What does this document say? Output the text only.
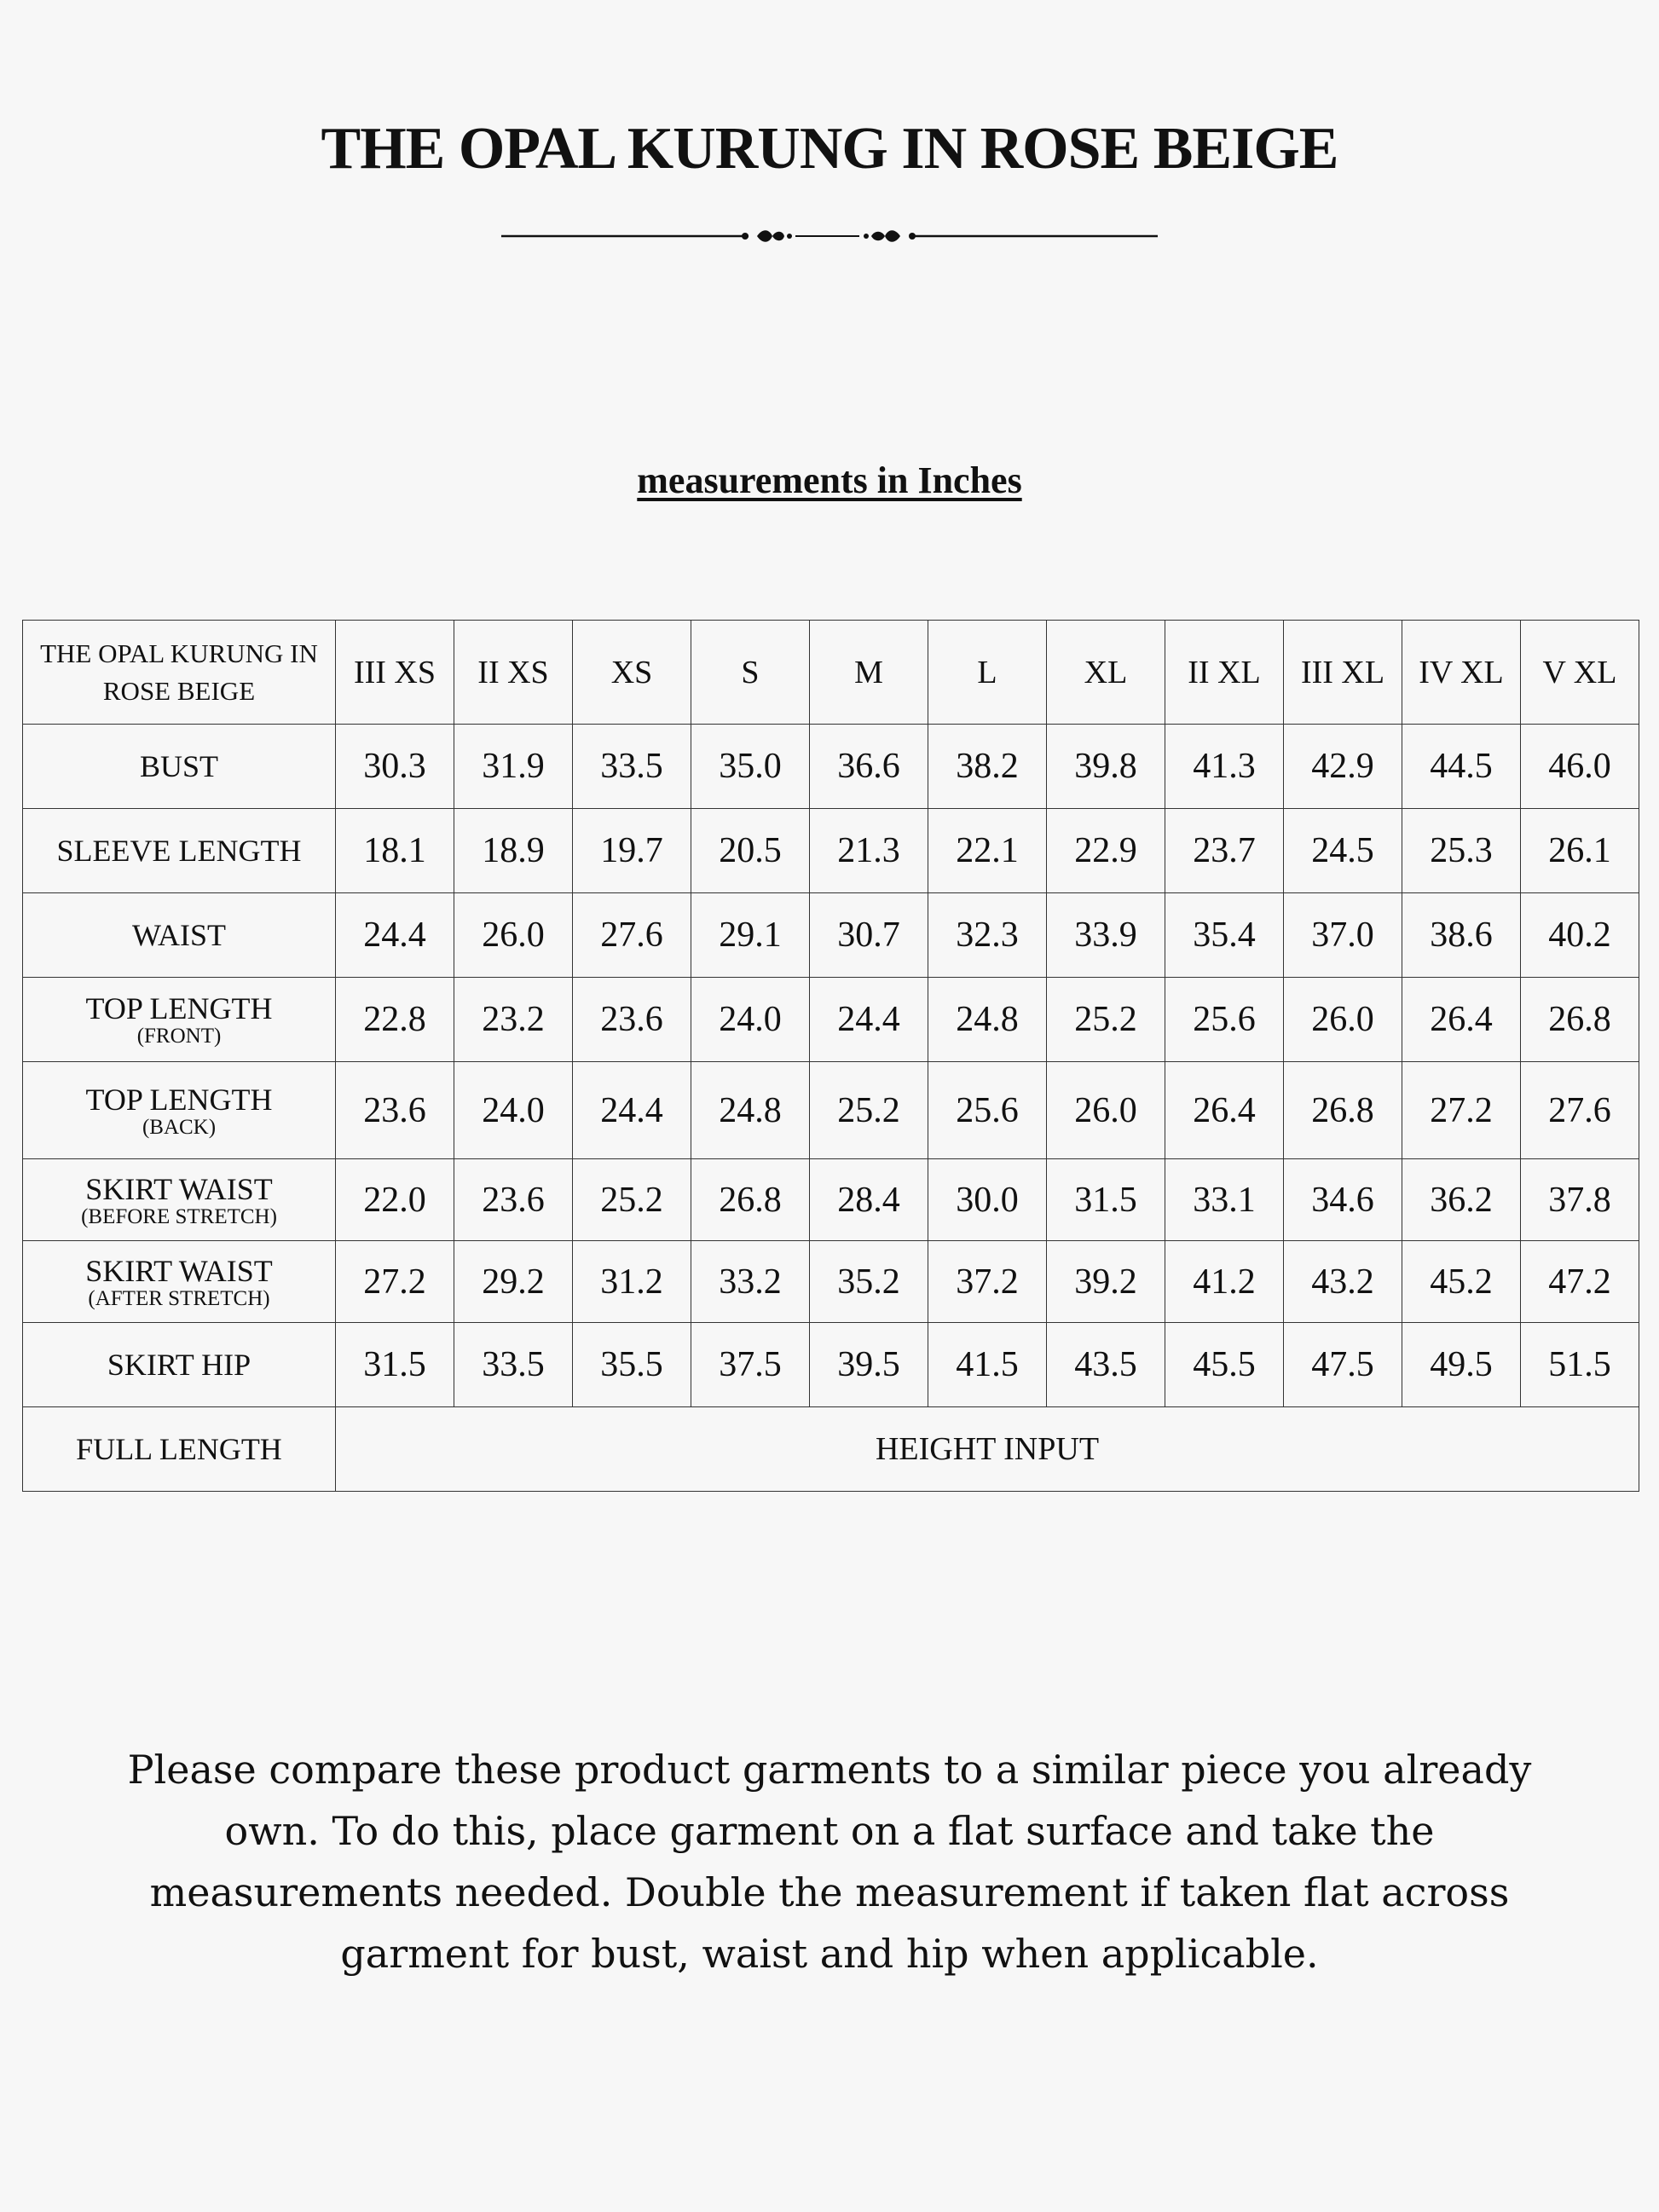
THE OPAL KURUNG IN ROSE BEIGE
measurements in Inches
THE OPAL KURUNG IN ROSE BEIGE	III XS	II XS	XS	S	M	L	XL	II XL	III XL	IV XL	V XL
BUST	30.3	31.9	33.5	35.0	36.6	38.2	39.8	41.3	42.9	44.5	46.0
SLEEVE LENGTH	18.1	18.9	19.7	20.5	21.3	22.1	22.9	23.7	24.5	25.3	26.1
WAIST	24.4	26.0	27.6	29.1	30.7	32.3	33.9	35.4	37.0	38.6	40.2
TOP LENGTH
(FRONT)	22.8	23.2	23.6	24.0	24.4	24.8	25.2	25.6	26.0	26.4	26.8
TOP LENGTH
(BACK)	23.6	24.0	24.4	24.8	25.2	25.6	26.0	26.4	26.8	27.2	27.6
SKIRT WAIST
(BEFORE STRETCH)	22.0	23.6	25.2	26.8	28.4	30.0	31.5	33.1	34.6	36.2	37.8
SKIRT WAIST
(AFTER STRETCH)	27.2	29.2	31.2	33.2	35.2	37.2	39.2	41.2	43.2	45.2	47.2
SKIRT HIP	31.5	33.5	35.5	37.5	39.5	41.5	43.5	45.5	47.5	49.5	51.5
FULL LENGTH	HEIGHT INPUT										
Please compare these product garments to a similar piece you already own. To do this, place garment on a flat surface and take the measurements needed. Double the measurement if taken flat across garment for bust, waist and hip when applicable.
